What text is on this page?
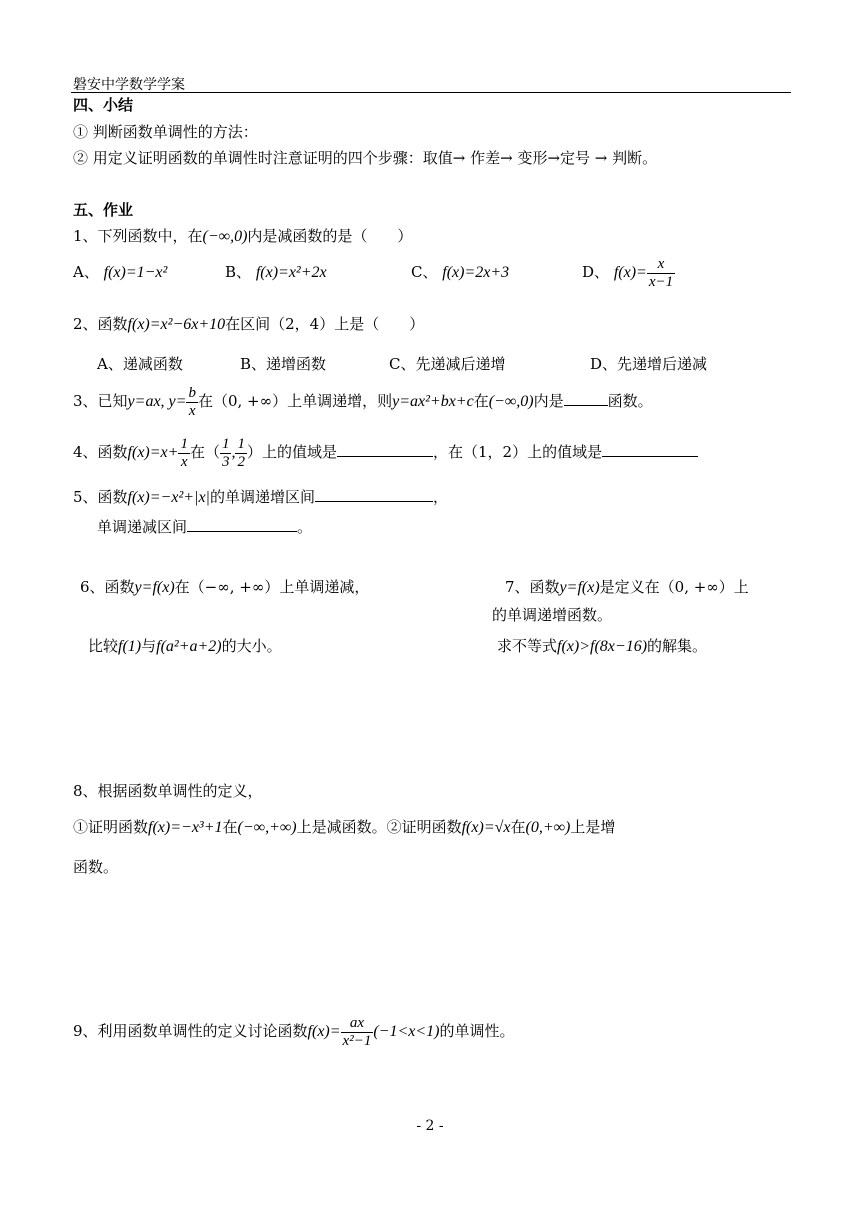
磐安中学数学学案
四、小结
① 判断函数单调性的方法：
② 用定义证明函数的单调性时注意证明的四个步骤：取值→ 作差→ 变形→定号 → 判断。
五、作业
1、下列函数中，在(−∞,0)内是减函数的是（　　）
A、 f(x)=1−x²	B、 f(x)=x²+2x	C、 f(x)=2x+3	D、 $f(x)= \frac{x}{x-1}$
2、函数f(x)=x²−6x+10在区间（2，4）上是（　　）
A、递减函数	B、递增函数	C、先递减后递增	D、先递增后递减
3、已知y=ax, $y= \frac{b}{x}$ 在（0, +∞）上单调递增，则y=ax²+bx+c在(−∞,0)内是	函数。
4、函数$f(x)=x+ \frac{1}{x}$ 在（ $\frac{1}{3}$ , $\frac{1}{2}$ ）上的值域是	，在（1，2）上的值域是
5、函数f(x)=−x²+|x|的单调递增区间	，
单调递减区间	。
6、函数y=f(x)在（−∞, +∞）上单调递减，
比较f(1)与f(a²+a+2)的大小。
7、函数y=f(x)是定义在（0, +∞）上
的单调递增函数。
求不等式f(x)>f(8x−16)的解集。
8、根据函数单调性的定义，
①证明函数f(x)=−x³+1在(−∞,+∞)上是减函数。②证明函数f(x)=√x在(0,+∞)上是增
函数。
9、利用函数单调性的定义讨论函数$f(x)= \frac{ax}{\text{x²−1}} (-1<x<1)$的单调性。
- 2 -
